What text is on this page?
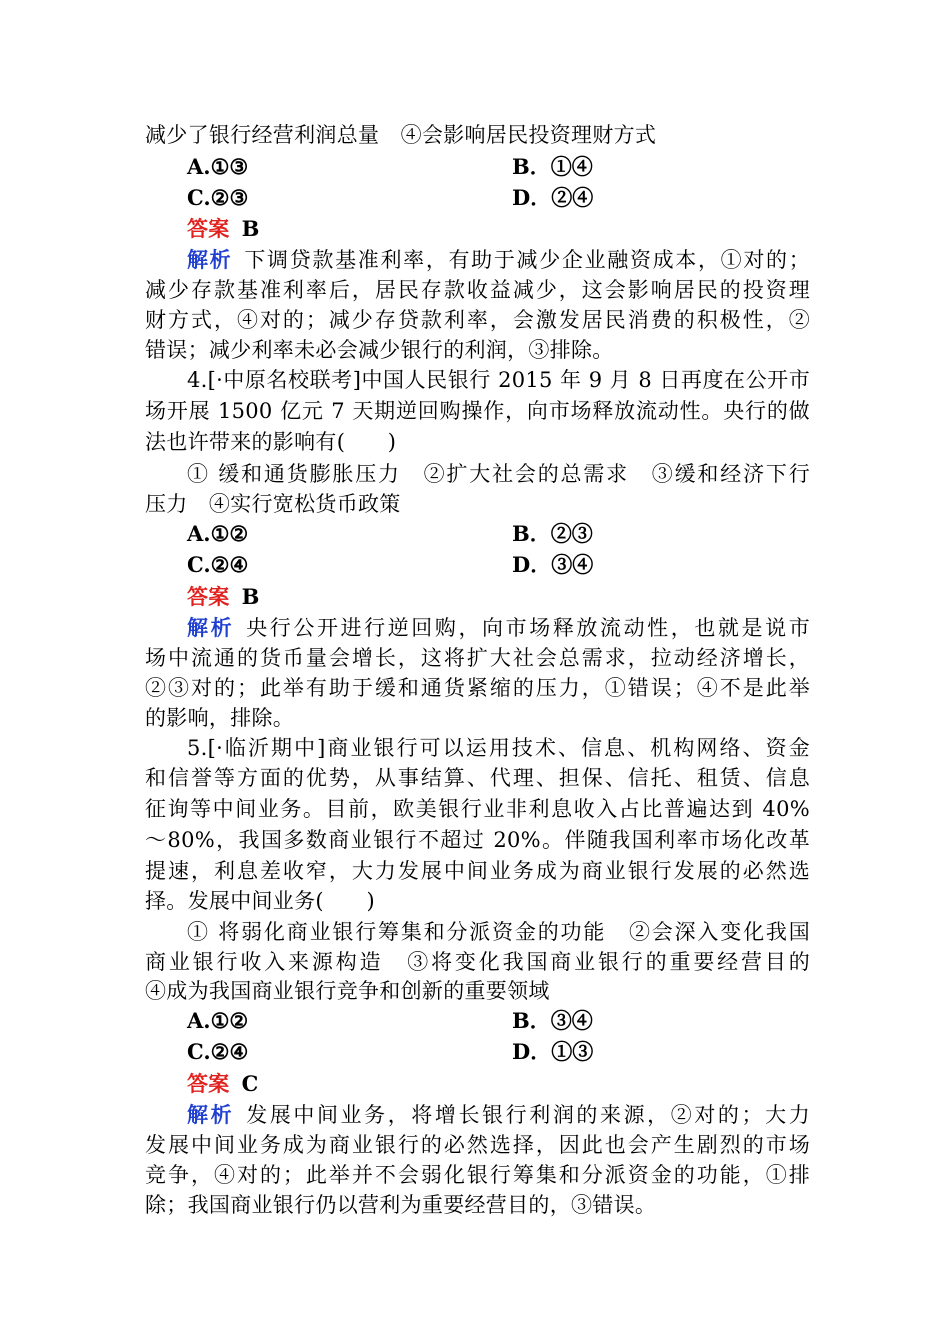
减少了银行经营利润总量　④会影响居民投资理财方式
A.①③	B．①④
C.②③	D．②④
答案 B
解析 下调贷款基准利率，有助于减少企业融资成本，①对的；
减少存款基准利率后，居民存款收益减少，这会影响居民的投资理
财方式，④对的；减少存贷款利率，会激发居民消费的积极性，②
错误；减少利率未必会减少银行的利润，③排除。
4.[·中原名校联考]中国人民银行 2015 年 9 月 8 日再度在公开市
场开展 1500 亿元 7 天期逆回购操作，向市场释放流动性。央行的做
法也许带来的影响有(　　)
① 缓和通货膨胀压力　②扩大社会的总需求　③缓和经济下行
压力　④实行宽松货币政策
A.①②	B．②③
C.②④	D．③④
答案 B
解析 央行公开进行逆回购，向市场释放流动性，也就是说市
场中流通的货币量会增长，这将扩大社会总需求，拉动经济增长，
②③对的；此举有助于缓和通货紧缩的压力，①错误；④不是此举
的影响，排除。
5.[·临沂期中]商业银行可以运用技术、信息、机构网络、资金
和信誉等方面的优势，从事结算、代理、担保、信托、租赁、信息
征询等中间业务。目前，欧美银行业非利息收入占比普遍达到 40%
～80%，我国多数商业银行不超过 20%。伴随我国利率市场化改革
提速，利息差收窄，大力发展中间业务成为商业银行发展的必然选
择。发展中间业务(　　)
① 将弱化商业银行筹集和分派资金的功能　②会深入变化我国
商业银行收入来源构造　③将变化我国商业银行的重要经营目的
④成为我国商业银行竞争和创新的重要领域
A.①②	B．③④
C.②④	D．①③
答案 C
解析 发展中间业务，将增长银行利润的来源，②对的；大力
发展中间业务成为商业银行的必然选择，因此也会产生剧烈的市场
竞争，④对的；此举并不会弱化银行筹集和分派资金的功能，①排
除；我国商业银行仍以营利为重要经营目的，③错误。
